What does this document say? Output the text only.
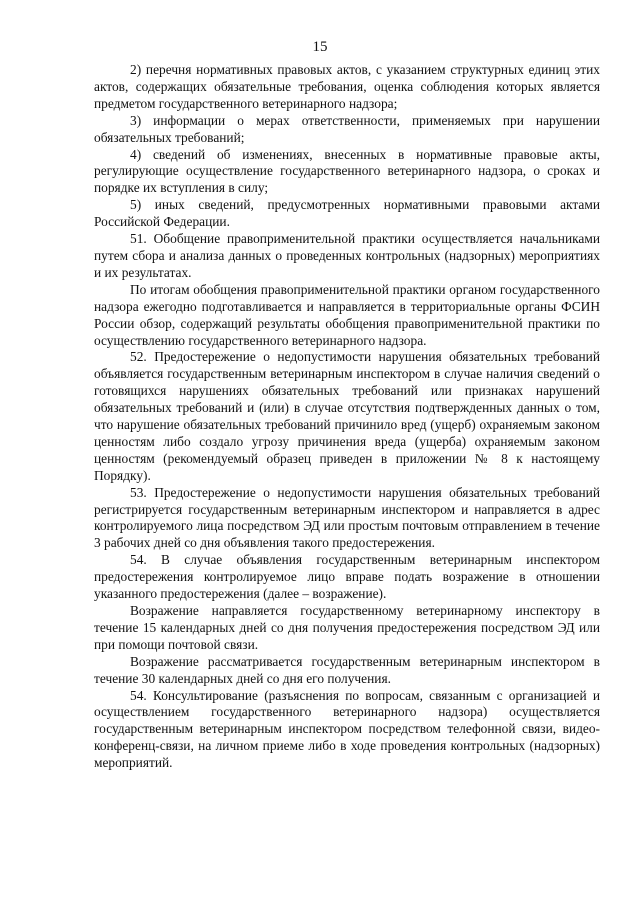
15

2) перечня нормативных правовых актов, с указанием структурных единиц этих актов, содержащих обязательные требования, оценка соблюдения которых является предметом государственного ветеринарного надзора;

3) информации о мерах ответственности, применяемых при нарушении обязательных требований;

4) сведений об изменениях, внесенных в нормативные правовые акты, регулирующие осуществление государственного ветеринарного надзора, о сроках и порядке их вступления в силу;

5) иных сведений, предусмотренных нормативными правовыми актами Российской Федерации.

51. Обобщение правоприменительной практики осуществляется начальниками путем сбора и анализа данных о проведенных контрольных (надзорных) мероприятиях и их результатах.

По итогам обобщения правоприменительной практики органом государственного надзора ежегодно подготавливается и направляется в территориальные органы ФСИН России обзор, содержащий результаты обобщения правоприменительной практики по осуществлению государственного ветеринарного надзора.

52. Предостережение о недопустимости нарушения обязательных требований объявляется государственным ветеринарным инспектором в случае наличия сведений о готовящихся нарушениях обязательных требований или признаках нарушений обязательных требований и (или) в случае отсутствия подтвержденных данных о том, что нарушение обязательных требований причинило вред (ущерб) охраняемым законом ценностям либо создало угрозу причинения вреда (ущерба) охраняемым законом ценностям (рекомендуемый образец приведен в приложении № 8 к настоящему Порядку).

53. Предостережение о недопустимости нарушения обязательных требований регистрируется государственным ветеринарным инспектором и направляется в адрес контролируемого лица посредством ЭД или простым почтовым отправлением в течение 3 рабочих дней со дня объявления такого предостережения.

54. В случае объявления государственным ветеринарным инспектором предостережения контролируемое лицо вправе подать возражение в отношении указанного предостережения (далее – возражение).

Возражение направляется государственному ветеринарному инспектору в течение 15 календарных дней со дня получения предостережения посредством ЭД или при помощи почтовой связи.

Возражение рассматривается государственным ветеринарным инспектором в течение 30 календарных дней со дня его получения.

54. Консультирование (разъяснения по вопросам, связанным с организацией и осуществлением государственного ветеринарного надзора) осуществляется государственным ветеринарным инспектором посредством телефонной связи, видео-конференц-связи, на личном приеме либо в ходе проведения контрольных (надзорных) мероприятий.
